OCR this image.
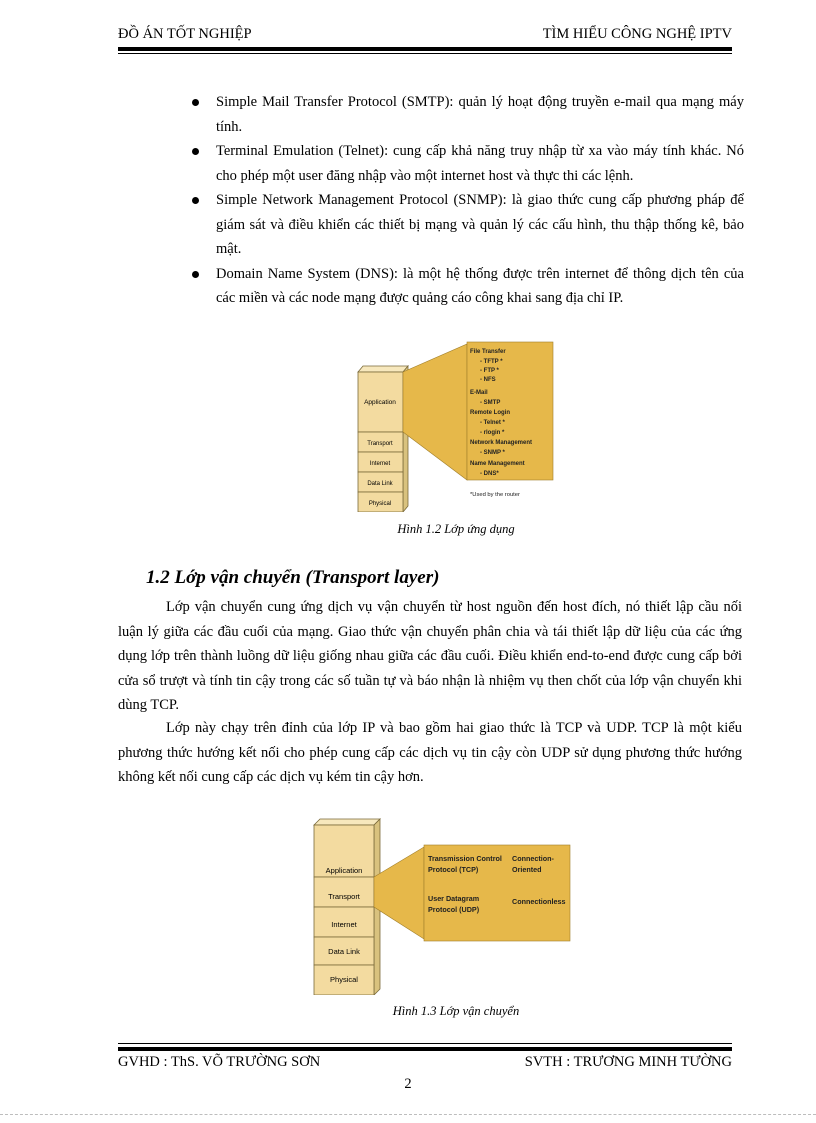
ĐỒ ÁN TỐT NGHIỆP	TÌM HIỂU CÔNG NGHỆ IPTV
Simple Mail Transfer Protocol (SMTP): quản lý hoạt động truyền e-mail qua mạng máy tính.
Terminal Emulation (Telnet): cung cấp khả năng truy nhập từ xa vào máy tính khác. Nó cho phép một user đăng nhập vào một internet host và thực thi các lệnh.
Simple Network Management Protocol (SNMP): là giao thức cung cấp phương pháp để giám sát và điều khiển các thiết bị mạng và quản lý các cấu hình, thu thập thống kê, bảo mật.
Domain Name System (DNS): là một hệ thống được trên internet để thông dịch tên của các miền và các node mạng được quảng cáo công khai sang địa chỉ IP.
Application
Transport
Internet
Data Link
Physical
File Transfer
- TFTP *
- FTP *
- NFS
E-Mail
- SMTP
Remote Login
- Telnet *
- rlogin *
Network Management
- SNMP *
Name Management
- DNS*
*Used by the router
Hình 1.2 Lớp ứng dụng
1.2 Lớp vận chuyển (Transport layer)

Lớp vận chuyển cung ứng dịch vụ vận chuyển từ host nguồn đến host đích, nó thiết lập cầu nối luận lý giữa các đầu cuối của mạng. Giao thức vận chuyển phân chia và tái thiết lập dữ liệu của các ứng dụng lớp trên thành luồng dữ liệu giống nhau giữa các đầu cuối. Điều khiển end-to-end được cung cấp bởi cửa sổ trượt và tính tin cậy trong các số tuần tự và báo nhận là nhiệm vụ then chốt của lớp vận chuyển khi dùng TCP.

Lớp này chạy trên đỉnh của lớp IP và bao gồm hai giao thức là TCP và UDP. TCP là một kiểu phương thức hướng kết nối cho phép cung cấp các dịch vụ tin cậy còn UDP sử dụng phương thức hướng không kết nối cung cấp các dịch vụ kém tin cậy hơn.

Application
Transport
Internet
Data Link
Physical
Transmission Control
Protocol (TCP)
Connection-
Oriented
User Datagram
Protocol (UDP)
Connectionless
Hình 1.3 Lớp vận chuyển
GVHD : ThS. VÕ TRƯỜNG SƠN	SVTH : TRƯƠNG MINH TƯỜNG
2
